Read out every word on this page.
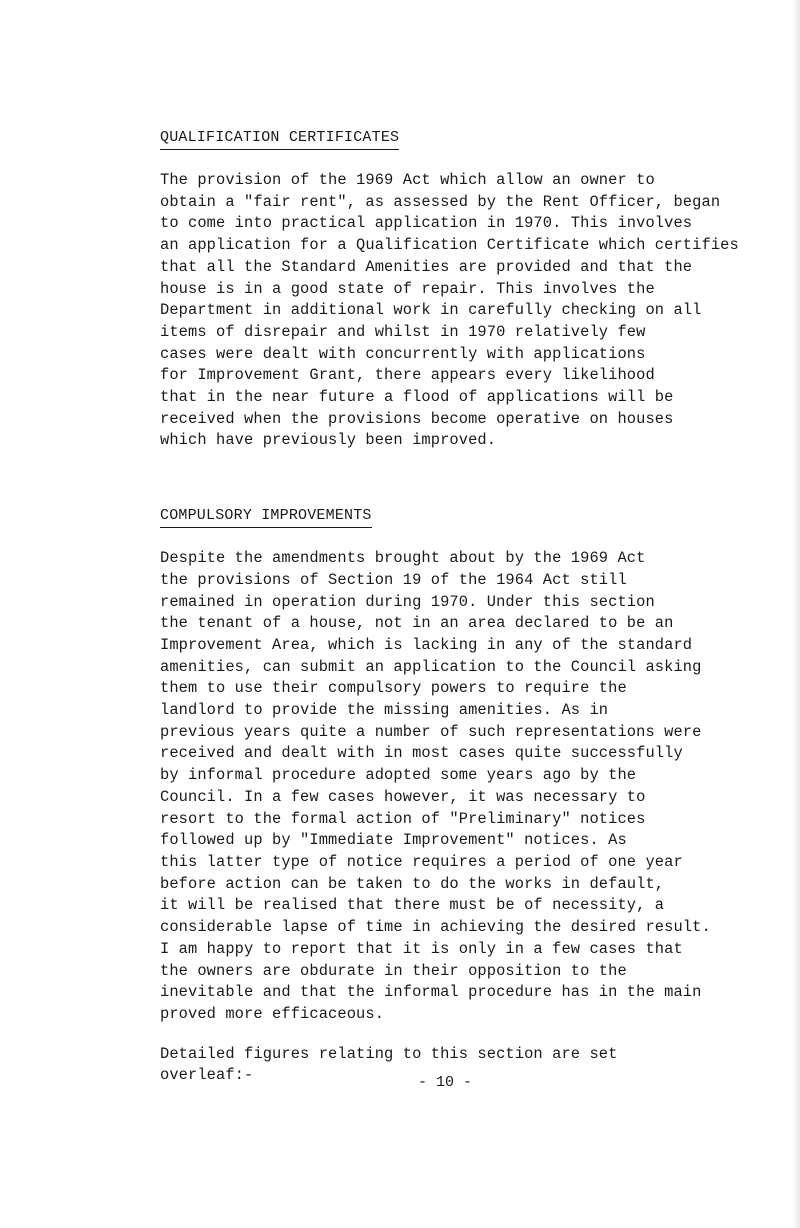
QUALIFICATION CERTIFICATES

The provision of the 1969 Act which allow an owner to
obtain a "fair rent", as assessed by the Rent Officer, began
to come into practical application in 1970. This involves
an application for a Qualification Certificate which certifies
that all the Standard Amenities are provided and that the
house is in a good state of repair. This involves the
Department in additional work in carefully checking on all
items of disrepair and whilst in 1970 relatively few
cases were dealt with concurrently with applications
for Improvement Grant, there appears every likelihood
that in the near future a flood of applications will be
received when the provisions become operative on houses
which have previously been improved.

COMPULSORY IMPROVEMENTS

Despite the amendments brought about by the 1969 Act
the provisions of Section 19 of the 1964 Act still
remained in operation during 1970. Under this section
the tenant of a house, not in an area declared to be an
Improvement Area, which is lacking in any of the standard
amenities, can submit an application to the Council asking
them to use their compulsory powers to require the
landlord to provide the missing amenities. As in
previous years quite a number of such representations were
received and dealt with in most cases quite successfully
by informal procedure adopted some years ago by the
Council. In a few cases however, it was necessary to
resort to the formal action of "Preliminary" notices
followed up by "Immediate Improvement" notices. As
this latter type of notice requires a period of one year
before action can be taken to do the works in default,
it will be realised that there must be of necessity, a
considerable lapse of time in achieving the desired result.
I am happy to report that it is only in a few cases that
the owners are obdurate in their opposition to the
inevitable and that the informal procedure has in the main
proved more efficaceous.

Detailed figures relating to this section are set
overleaf:-	- 10 -
